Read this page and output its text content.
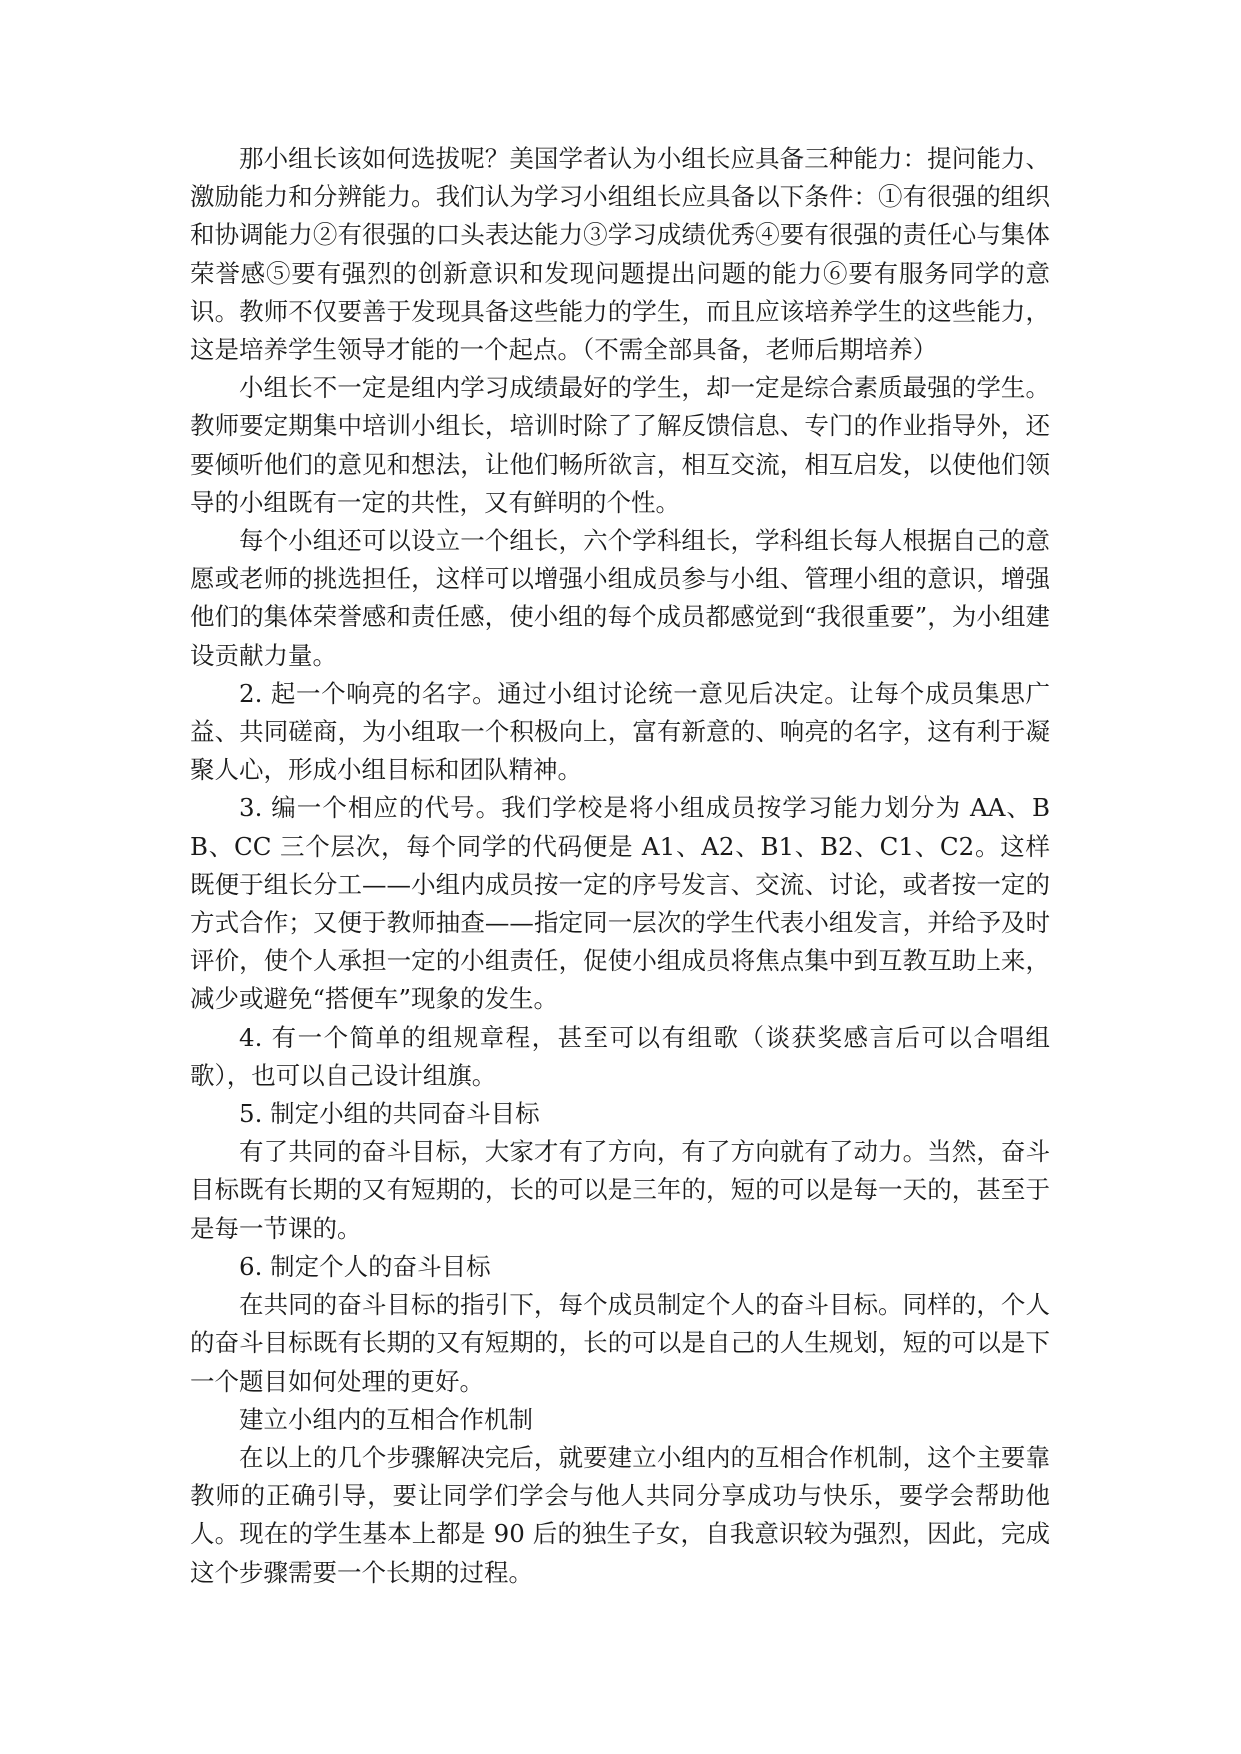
那小组长该如何选拔呢？美国学者认为小组长应具备三种能力：提问能力、激励能力和分辨能力。我们认为学习小组组长应具备以下条件：①有很强的组织和协调能力②有很强的口头表达能力③学习成绩优秀④要有很强的责任心与集体荣誉感⑤要有强烈的创新意识和发现问题提出问题的能力⑥要有服务同学的意识。教师不仅要善于发现具备这些能力的学生，而且应该培养学生的这些能力，这是培养学生领导才能的一个起点。（不需全部具备，老师后期培养）

小组长不一定是组内学习成绩最好的学生，却一定是综合素质最强的学生。教师要定期集中培训小组长，培训时除了了解反馈信息、专门的作业指导外，还要倾听他们的意见和想法，让他们畅所欲言，相互交流，相互启发，以使他们领导的小组既有一定的共性，又有鲜明的个性。

每个小组还可以设立一个组长，六个学科组长，学科组长每人根据自己的意愿或老师的挑选担任，这样可以增强小组成员参与小组、管理小组的意识，增强他们的集体荣誉感和责任感，使小组的每个成员都感觉到“我很重要”，为小组建设贡献力量。

2. 起一个响亮的名字。通过小组讨论统一意见后决定。让每个成员集思广益、共同磋商，为小组取一个积极向上，富有新意的、响亮的名字，这有利于凝聚人心，形成小组目标和团队精神。

3. 编一个相应的代号。我们学校是将小组成员按学习能力划分为 AA、BB、CC 三个层次，每个同学的代码便是 A1、A2、B1、B2、C1、C2。这样既便于组长分工——小组内成员按一定的序号发言、交流、讨论，或者按一定的方式合作；又便于教师抽查——指定同一层次的学生代表小组发言，并给予及时评价，使个人承担一定的小组责任，促使小组成员将焦点集中到互教互助上来，减少或避免“搭便车”现象的发生。

4. 有一个简单的组规章程，甚至可以有组歌（谈获奖感言后可以合唱组歌），也可以自己设计组旗。

5. 制定小组的共同奋斗目标

有了共同的奋斗目标，大家才有了方向，有了方向就有了动力。当然，奋斗目标既有长期的又有短期的，长的可以是三年的，短的可以是每一天的，甚至于是每一节课的。

6. 制定个人的奋斗目标

在共同的奋斗目标的指引下，每个成员制定个人的奋斗目标。同样的，个人的奋斗目标既有长期的又有短期的，长的可以是自己的人生规划，短的可以是下一个题目如何处理的更好。

建立小组内的互相合作机制

在以上的几个步骤解决完后，就要建立小组内的互相合作机制，这个主要靠教师的正确引导，要让同学们学会与他人共同分享成功与快乐，要学会帮助他人。现在的学生基本上都是 90 后的独生子女，自我意识较为强烈，因此，完成这个步骤需要一个长期的过程。
